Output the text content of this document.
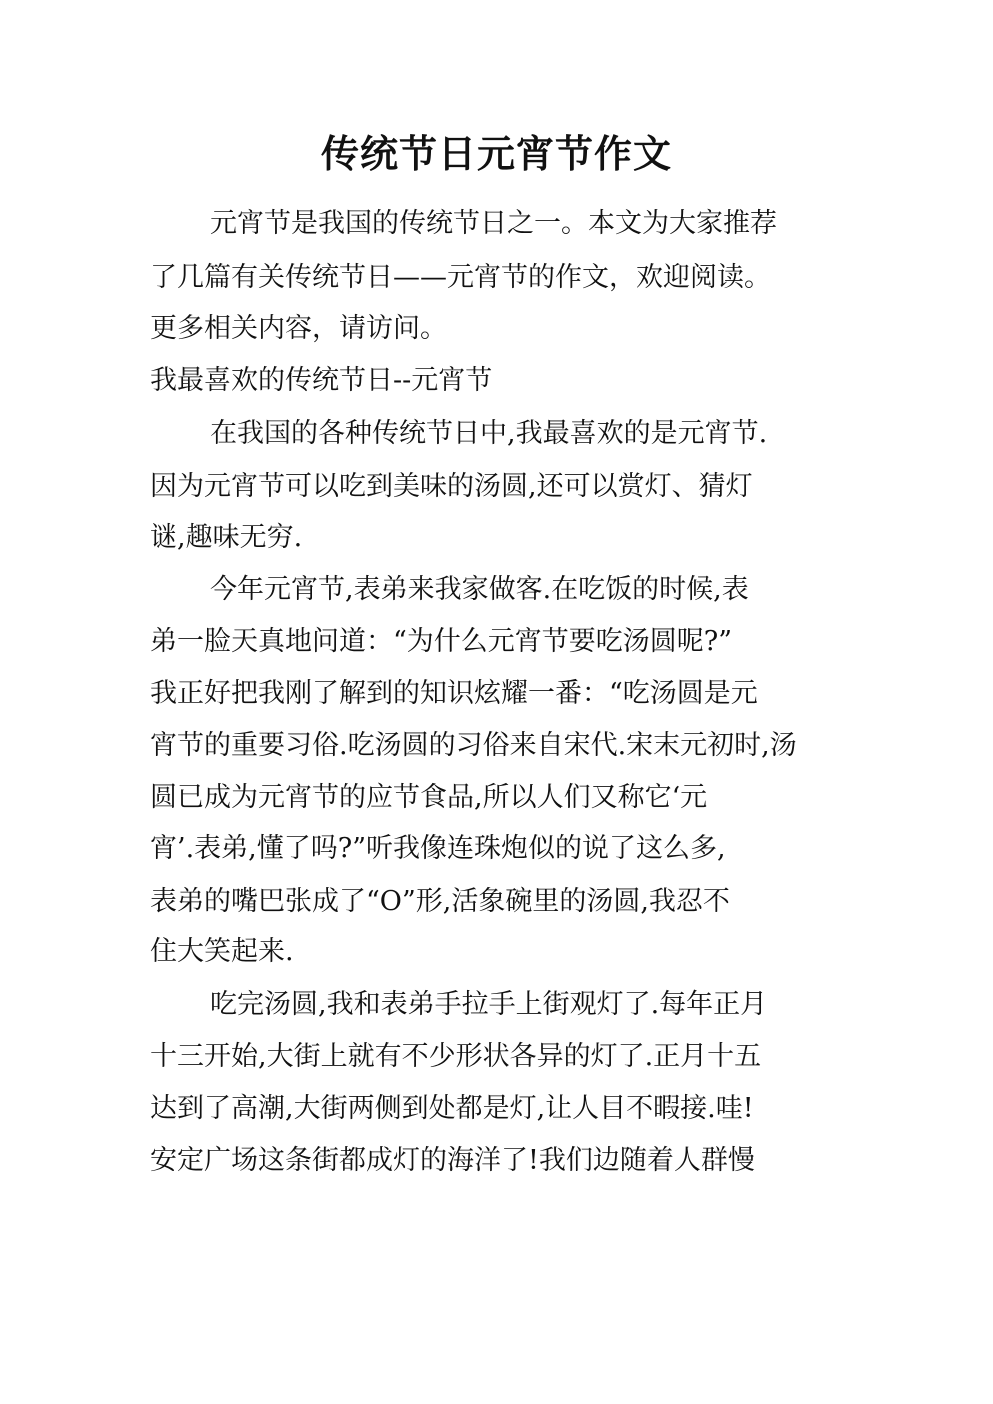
传统节日元宵节作文

元宵节是我国的传统节日之一。本文为大家推荐

了几篇有关传统节日——元宵节的作文，欢迎阅读。

更多相关内容，请访问。

我最喜欢的传统节日--元宵节

在我国的各种传统节日中,我最喜欢的是元宵节.

因为元宵节可以吃到美味的汤圆,还可以赏灯、猜灯

谜,趣味无穷.

今年元宵节,表弟来我家做客.在吃饭的时候,表

弟一脸天真地问道：“为什么元宵节要吃汤圆呢?”

我正好把我刚了解到的知识炫耀一番：“吃汤圆是元

宵节的重要习俗.吃汤圆的习俗来自宋代.宋末元初时,汤

圆已成为元宵节的应节食品,所以人们又称它‘元

宵’.表弟,懂了吗?”听我像连珠炮似的说了这么多,

表弟的嘴巴张成了“O”形,活象碗里的汤圆,我忍不

住大笑起来.

吃完汤圆,我和表弟手拉手上街观灯了.每年正月

十三开始,大街上就有不少形状各异的灯了.正月十五

达到了高潮,大街两侧到处都是灯,让人目不暇接.哇!

安定广场这条街都成灯的海洋了!我们边随着人群慢
